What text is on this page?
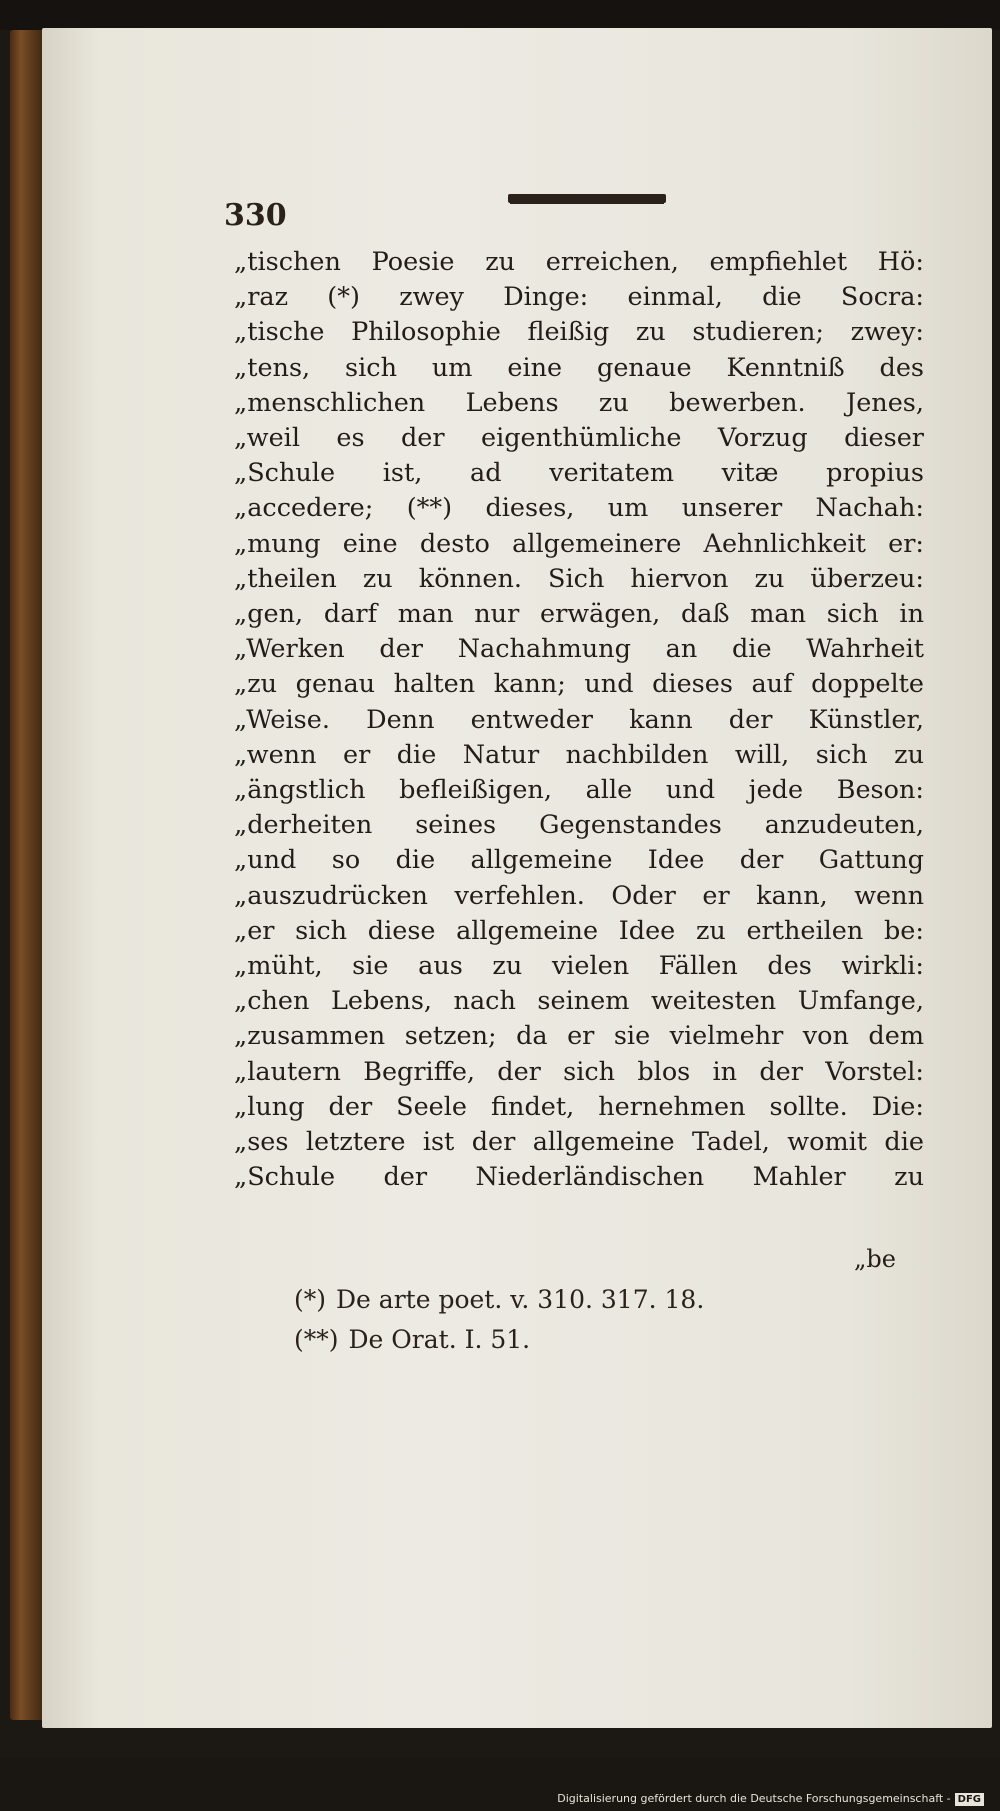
330
„tischen Poesie zu erreichen, empfiehlet Hö:
„raz (*) zwey Dinge: einmal, die Socra:
„tische Philosophie fleißig zu studieren; zwey:
„tens, sich um eine genaue Kenntniß des
„menschlichen Lebens zu bewerben. Jenes,
„weil es der eigenthümliche Vorzug dieser
„Schule ist, ad veritatem vitæ propius
„accedere; (**) dieses, um unserer Nachah:
„mung eine desto allgemeinere Aehnlichkeit er:
„theilen zu können. Sich hiervon zu überzeu:
„gen, darf man nur erwägen, daß man sich in
„Werken der Nachahmung an die Wahrheit
„zu genau halten kann; und dieses auf doppelte
„Weise. Denn entweder kann der Künstler,
„wenn er die Natur nachbilden will, sich zu
„ängstlich befleißigen, alle und jede Beson:
„derheiten seines Gegenstandes anzudeuten,
„und so die allgemeine Idee der Gattung
„auszudrücken verfehlen. Oder er kann, wenn
„er sich diese allgemeine Idee zu ertheilen be:
„müht, sie aus zu vielen Fällen des wirkli:
„chen Lebens, nach seinem weitesten Umfange,
„zusammen setzen; da er sie vielmehr von dem
„lautern Begriffe, der sich blos in der Vorstel:
„lung der Seele findet, hernehmen sollte. Die:
„ses letztere ist der allgemeine Tadel, womit die
„Schule der Niederländischen Mahler zu
„be
(*) De arte poet. v. 310. 317. 18.
(**) De Orat. I. 51.
Digitalisierung gefördert durch die Deutsche Forschungsgemeinschaft - DFG
